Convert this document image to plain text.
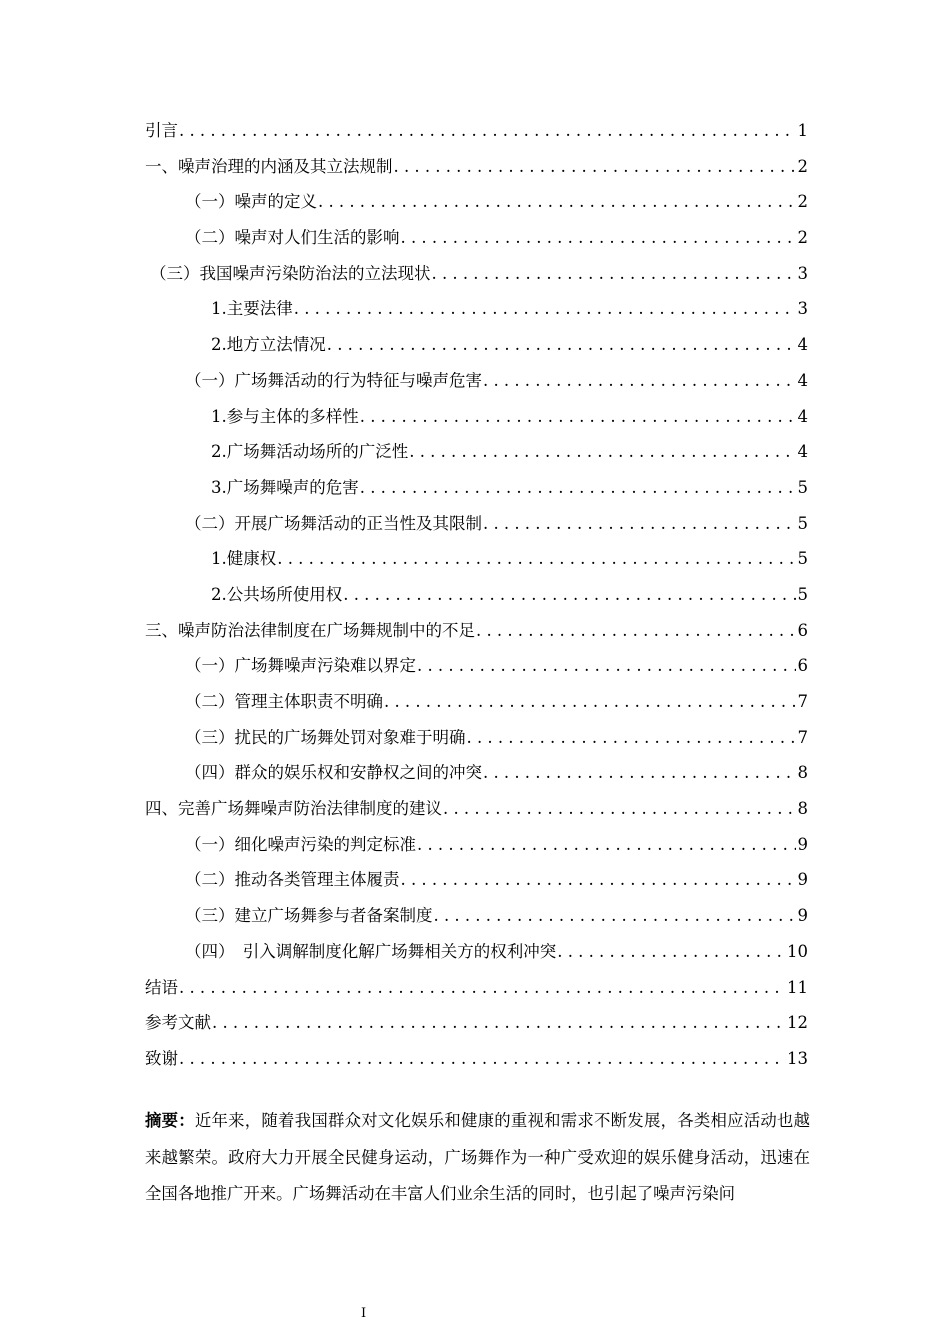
引言 .....	1
一、噪声治理的内涵及其立法规制 .....	2
（一）噪声的定义 .....	2
（二）噪声对人们生活的影响 .....	2
（三）我国噪声污染防治法的立法现状 .....	3
1.主要法律 .....	3
2.地方立法情况 .....	4
（一）广场舞活动的行为特征与噪声危害 .....	4
1.参与主体的多样性 .....	4
2.广场舞活动场所的广泛性 .....	4
3.广场舞噪声的危害 .....	5
（二）开展广场舞活动的正当性及其限制 .....	5
1.健康权 .....	5
2.公共场所使用权 .....	5
三、噪声防治法律制度在广场舞规制中的不足 .....	6
（一）广场舞噪声污染难以界定 .....	6
（二）管理主体职责不明确 .....	7
（三）扰民的广场舞处罚对象难于明确 .....	7
（四）群众的娱乐权和安静权之间的冲突 .....	8
四、完善广场舞噪声防治法律制度的建议 .....	8
（一）细化噪声污染的判定标准 .....	9
（二）推动各类管理主体履责 .....	9
（三）建立广场舞参与者备案制度 .....	9
（四）　引入调解制度化解广场舞相关方的权利冲突 .....	10
结语 .....	11
参考文献 .....	12
致谢 .....	13

摘要：近年来，随着我国群众对文化娱乐和健康的重视和需求不断发展，各类相应活动也越来越繁荣。政府大力开展全民健身运动，广场舞作为一种广受欢迎的娱乐健身活动，迅速在全国各地推广开来。广场舞活动在丰富人们业余生活的同时，也引起了噪声污染问

I
